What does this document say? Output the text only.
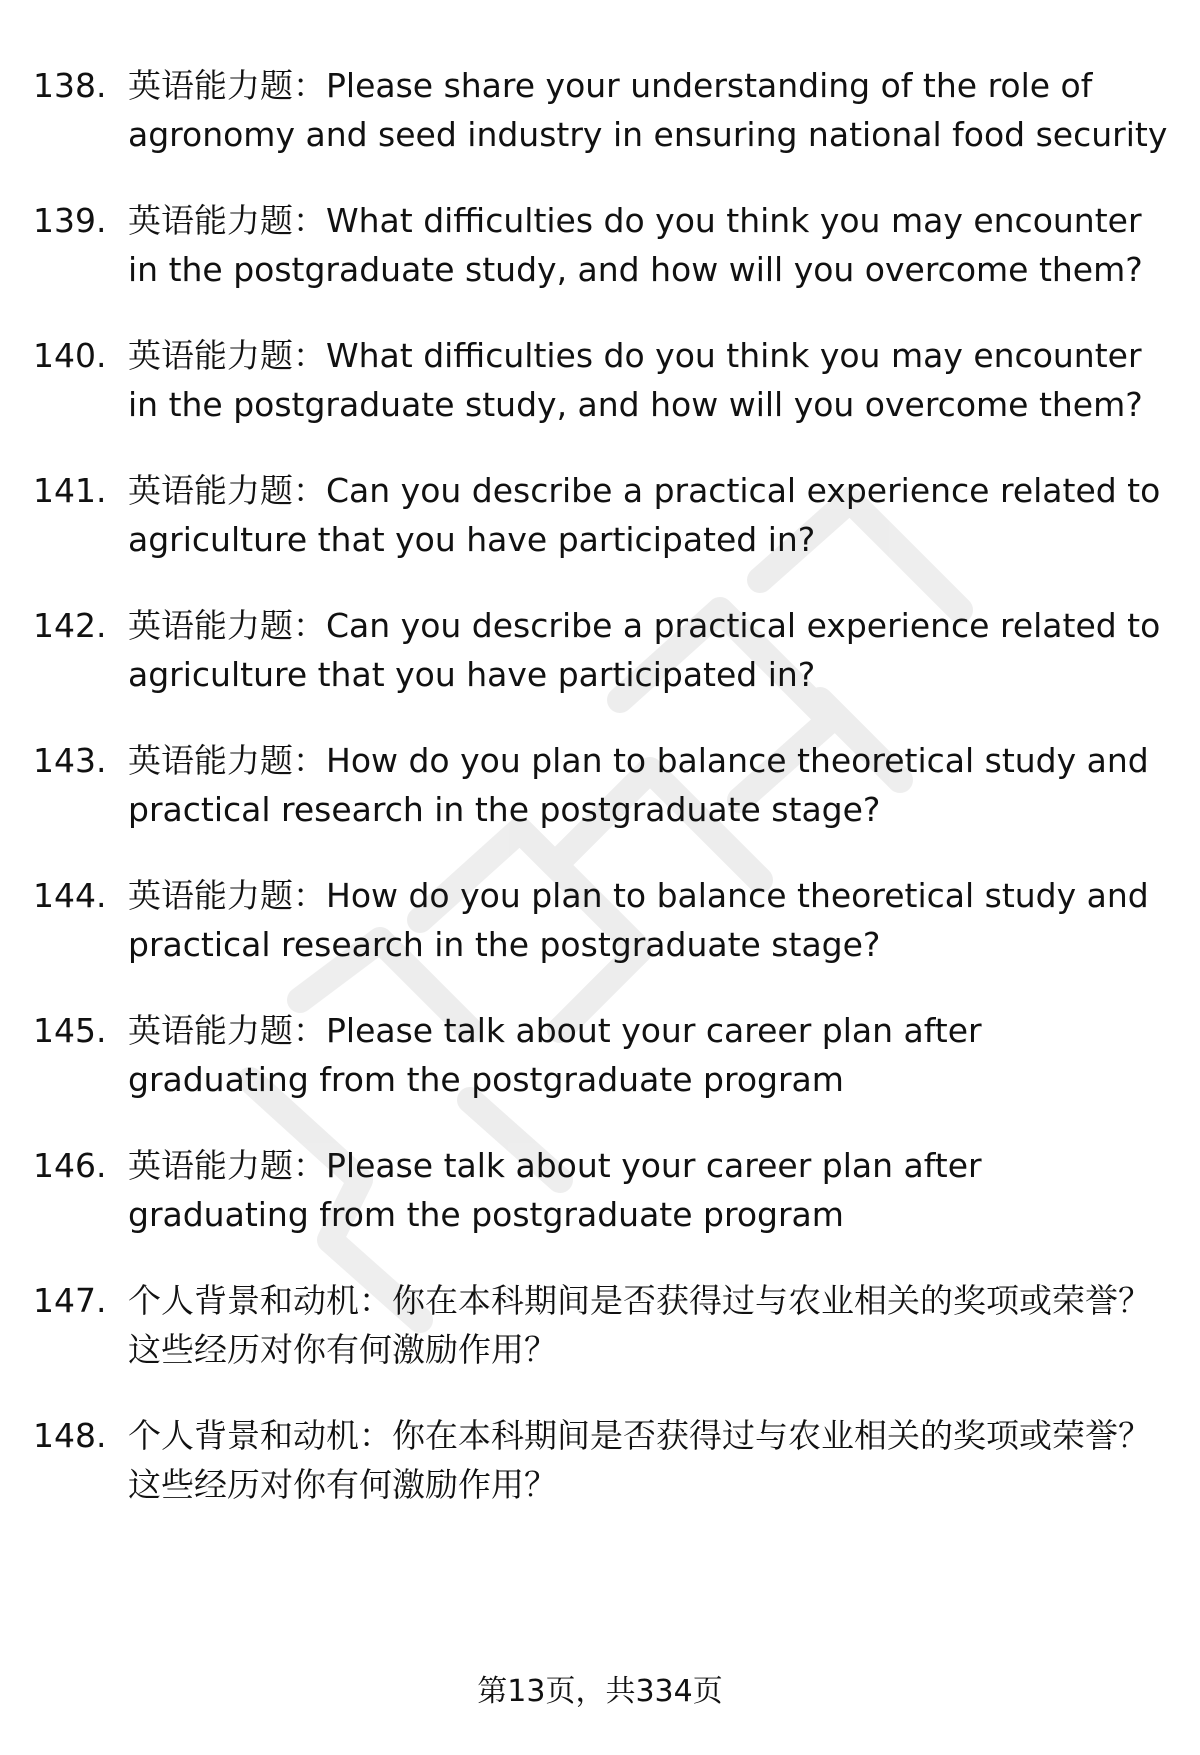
138. 英语能力题：Please share your understanding of the role of agronomy and seed industry in ensuring national food security
139. 英语能力题：What difficulties do you think you may encounter in the postgraduate study, and how will you overcome them?
140. 英语能力题：What difficulties do you think you may encounter in the postgraduate study, and how will you overcome them?
141. 英语能力题：Can you describe a practical experience related to agriculture that you have participated in?
142. 英语能力题：Can you describe a practical experience related to agriculture that you have participated in?
143. 英语能力题：How do you plan to balance theoretical study and practical research in the postgraduate stage?
144. 英语能力题：How do you plan to balance theoretical study and practical research in the postgraduate stage?
145. 英语能力题：Please talk about your career plan after graduating from the postgraduate program
146. 英语能力题：Please talk about your career plan after graduating from the postgraduate program
147. 个人背景和动机：你在本科期间是否获得过与农业相关的奖项或荣誉？这些经历对你有何激励作用？
148. 个人背景和动机：你在本科期间是否获得过与农业相关的奖项或荣誉？这些经历对你有何激励作用？
第13页，共334页
